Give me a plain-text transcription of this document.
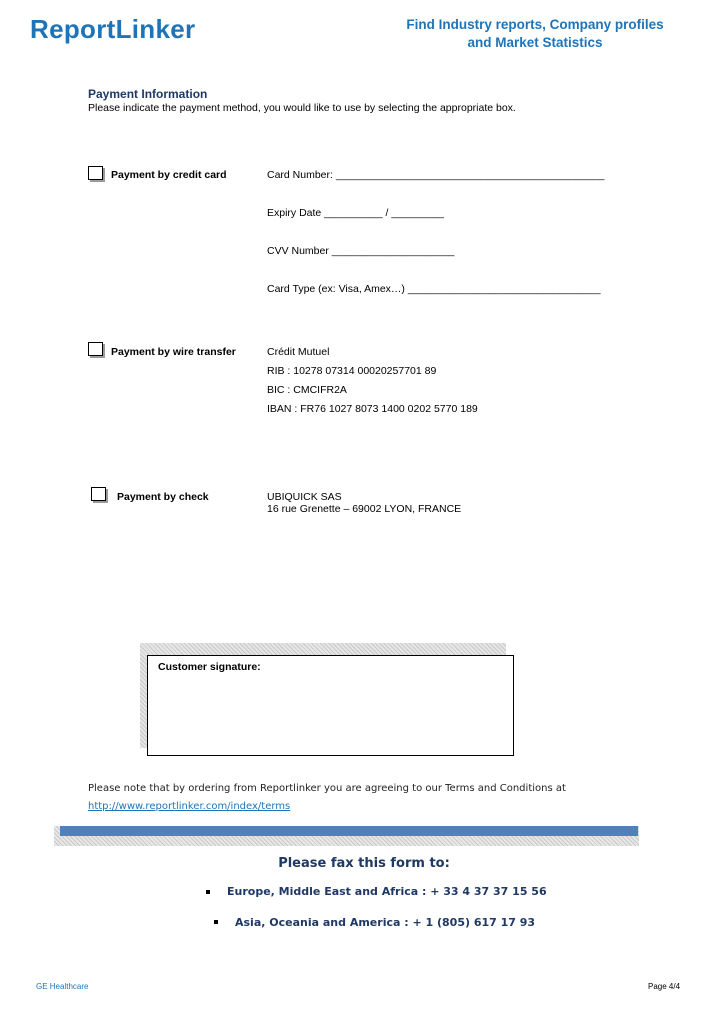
ReportLinker	Find Industry reports, Company profiles
and Market Statistics
Payment Information
Please indicate the payment method, you would like to use by selecting the appropriate box.
Payment by credit card	Card Number: ______________________________________________
Expiry Date __________ / _________
CVV Number _____________________
Card Type (ex: Visa, Amex…) _________________________________
Payment by wire transfer	Crédit Mutuel
RIB : 10278 07314 00020257701 89
BIC : CMCIFR2A
IBAN : FR76 1027 8073 1400 0202 5770 189
Payment by check	UBIQUICK SAS
16 rue Grenette – 69002 LYON, FRANCE
Customer signature:
Please note that by ordering from Reportlinker you are agreeing to our Terms and Conditions at
http://www.reportlinker.com/index/terms
Please fax this form to:
Europe, Middle East and Africa : + 33 4 37 37 15 56
Asia, Oceania and America : + 1 (805) 617 17 93
GE Healthcare	Page 4/4
